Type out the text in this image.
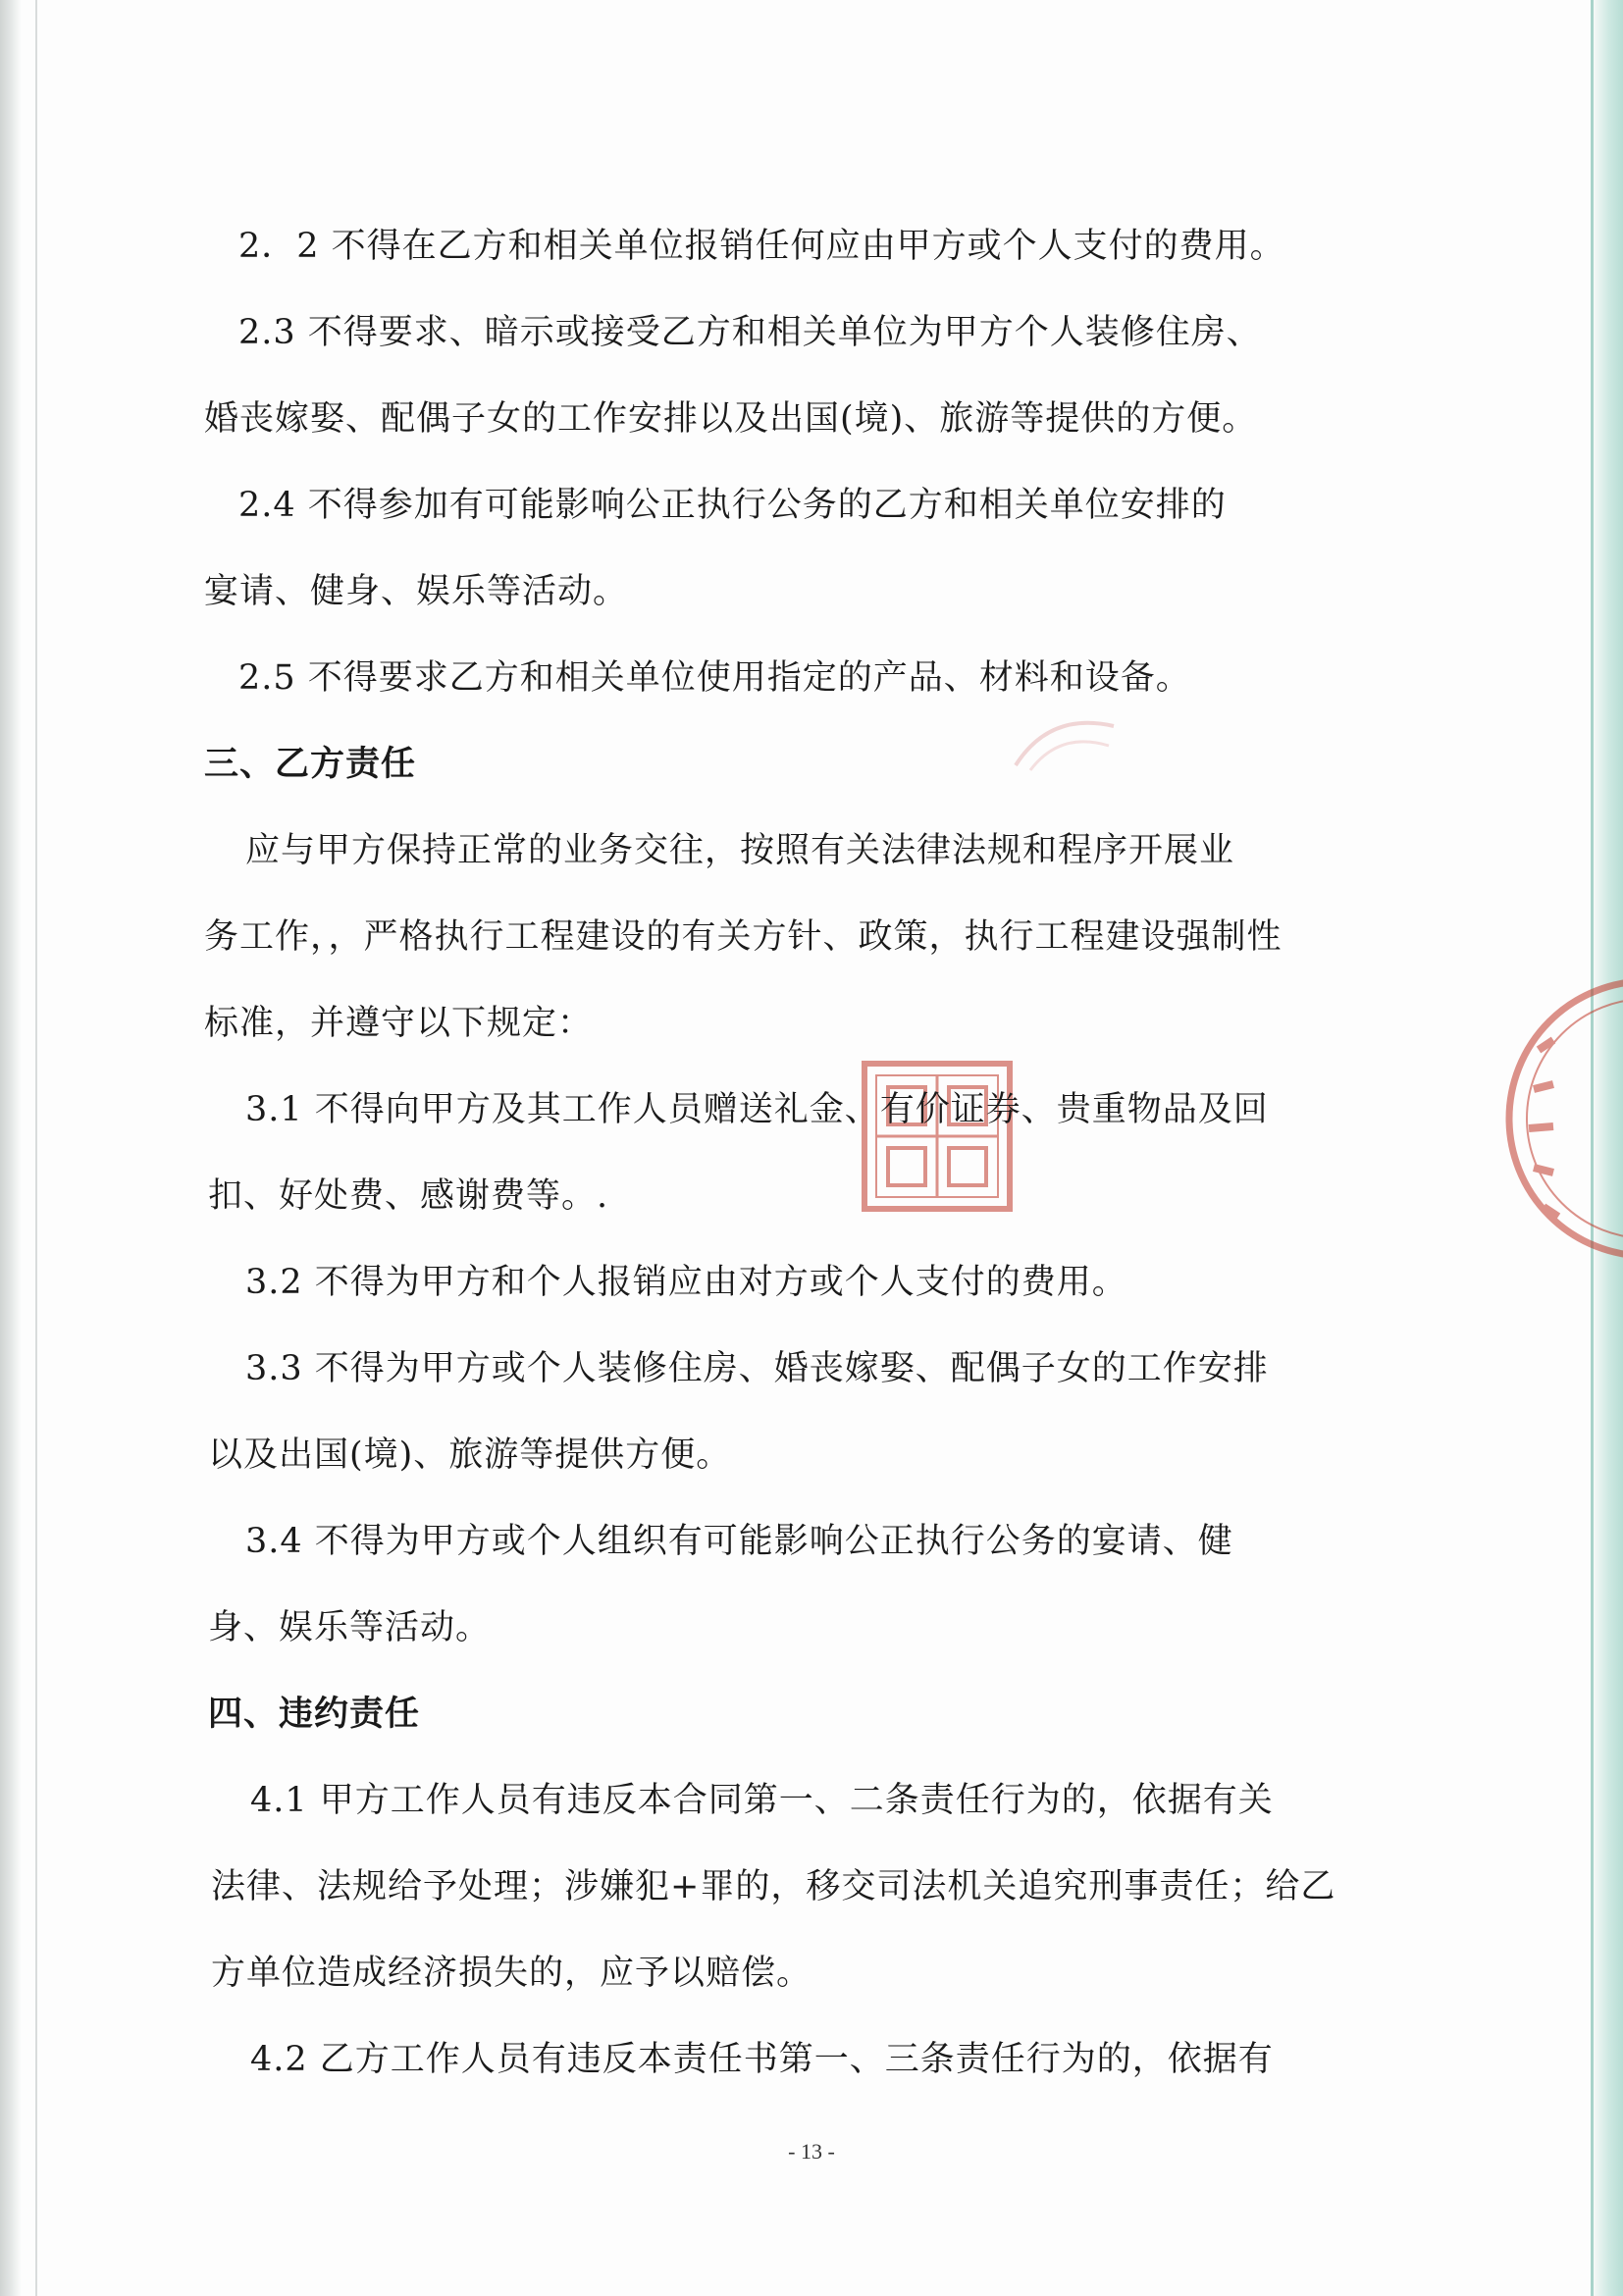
2．2 不得在乙方和相关单位报销任何应由甲方或个人支付的费用。
2.3 不得要求、暗示或接受乙方和相关单位为甲方个人装修住房、
婚丧嫁娶、配偶子女的工作安排以及出国(境)、旅游等提供的方便。
2.4 不得参加有可能影响公正执行公务的乙方和相关单位安排的
宴请、健身、娱乐等活动。
2.5 不得要求乙方和相关单位使用指定的产品、材料和设备。
三、乙方责任
应与甲方保持正常的业务交往，按照有关法律法规和程序开展业
务工作，，严格执行工程建设的有关方针、政策，执行工程建设强制性
标准，并遵守以下规定：
3.1 不得向甲方及其工作人员赠送礼金、有价证券、贵重物品及回
扣、好处费、感谢费等。.
3.2 不得为甲方和个人报销应由对方或个人支付的费用。
3.3 不得为甲方或个人装修住房、婚丧嫁娶、配偶子女的工作安排
以及出国(境)、旅游等提供方便。
3.4 不得为甲方或个人组织有可能影响公正执行公务的宴请、健
身、娱乐等活动。
四、违约责任
4.1 甲方工作人员有违反本合同第一、二条责任行为的，依据有关
法律、法规给予处理；涉嫌犯+罪的，移交司法机关追究刑事责任；给乙
方单位造成经济损失的，应予以赔偿。
4.2 乙方工作人员有违反本责任书第一、三条责任行为的，依据有
- 13 -
